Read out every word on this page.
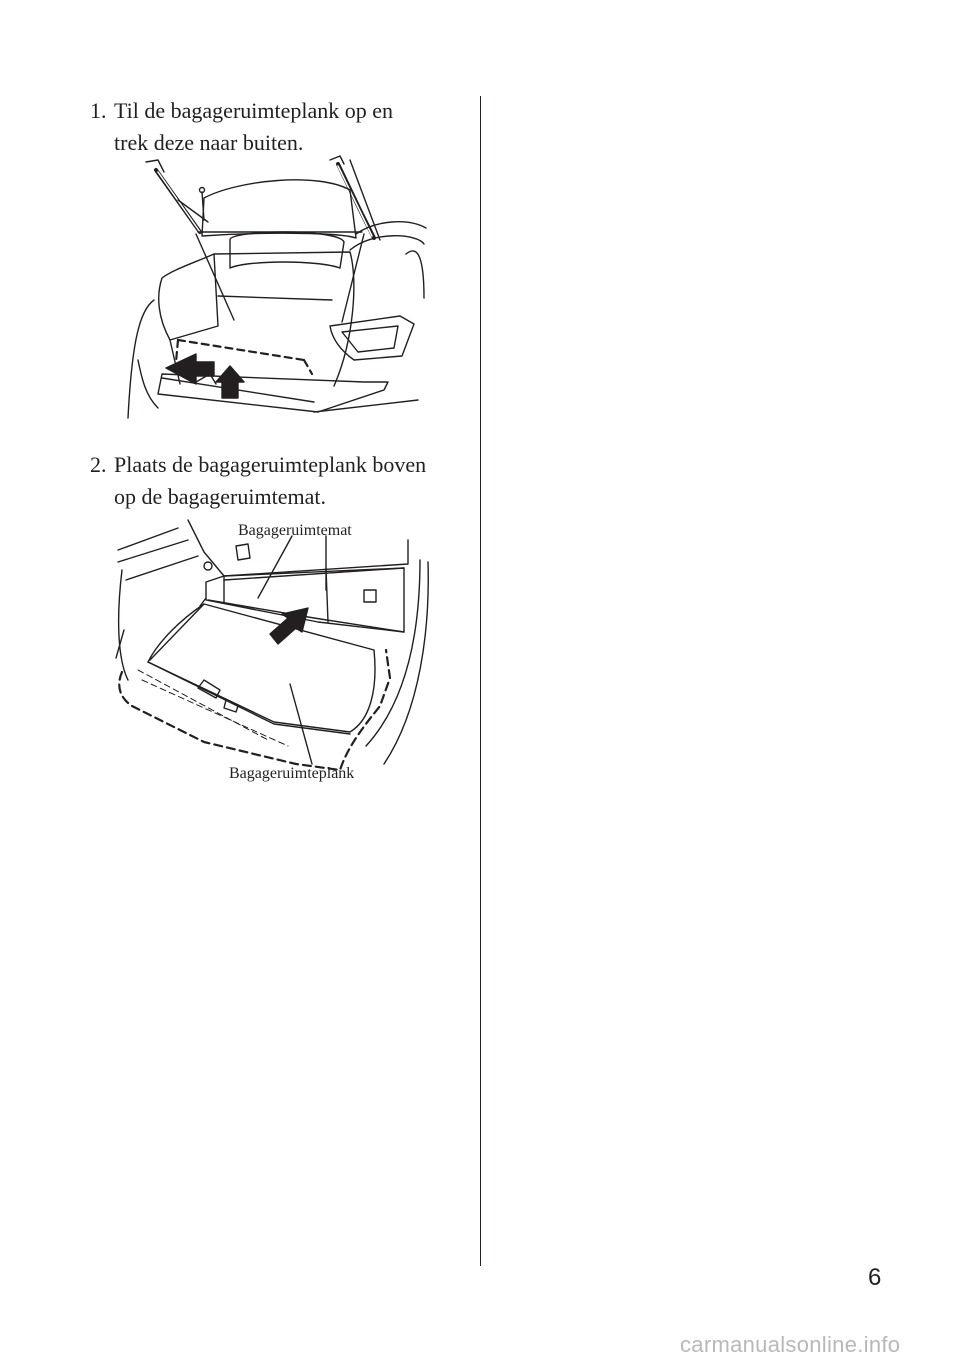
1. Til de bagageruimteplank op en
trek deze naar buiten.
2. Plaats de bagageruimteplank boven
op de bagageruimtemat.
Bagageruimtemat
Bagageruimteplank
6
carmanualsonline.info
